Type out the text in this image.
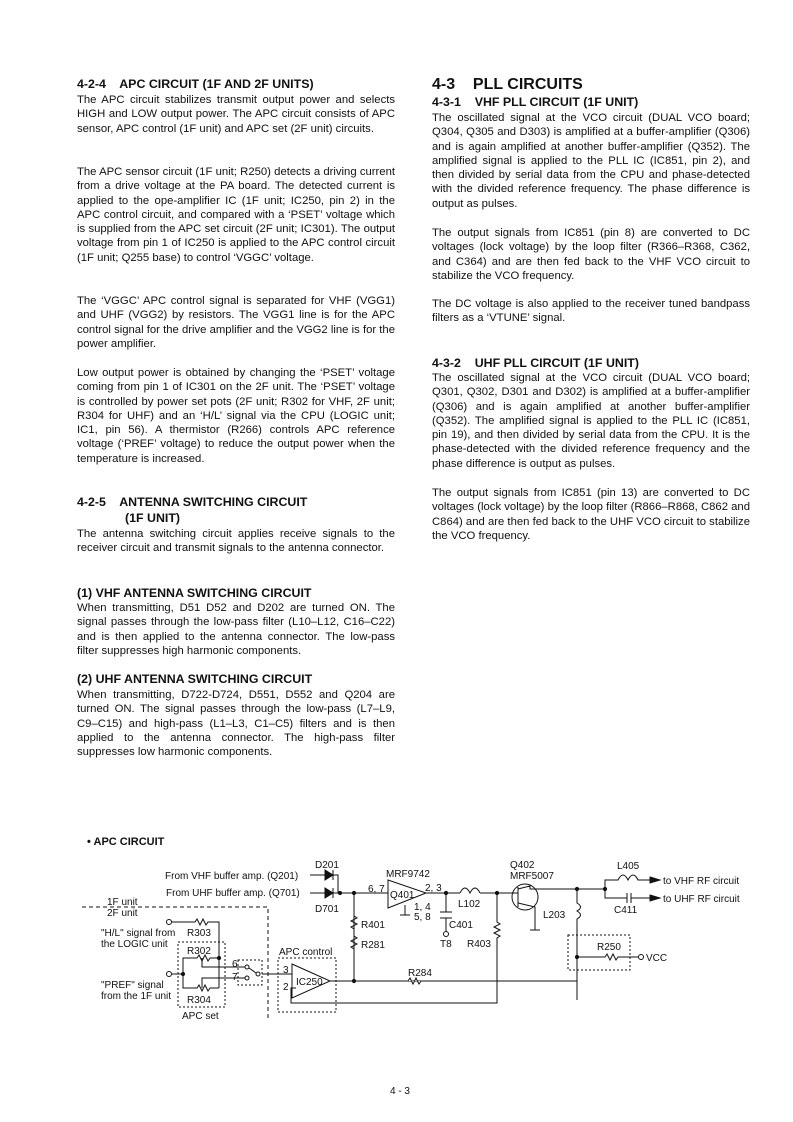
4-2-4    APC CIRCUIT (1F AND 2F UNITS)

The APC circuit stabilizes transmit output power and selects HIGH and LOW output power. The APC circuit consists of APC sensor, APC control (1F unit) and APC set (2F unit) circuits.

The APC sensor circuit (1F unit; R250) detects a driving current from a drive voltage at the PA board. The detected current is applied to the ope-amplifier IC (1F unit; IC250, pin 2) in the APC control circuit, and compared with a ‘PSET’ voltage which is supplied from the APC set circuit (2F unit; IC301). The output voltage from pin 1 of IC250 is applied to the APC control circuit (1F unit; Q255 base) to control ‘VGGC’ voltage.

The ‘VGGC’ APC control signal is separated for VHF (VGG1) and UHF (VGG2) by resistors. The VGG1 line is for the APC control signal for the drive amplifier and the VGG2 line is for the power amplifier.

Low output power is obtained by changing the ‘PSET’ voltage coming from pin 1 of IC301 on the 2F unit. The ‘PSET’ voltage is controlled by power set pots (2F unit; R302 for VHF, 2F unit; R304 for UHF) and an ‘H/L’ signal via the CPU (LOGIC unit; IC1, pin 56). A thermistor (R266) controls APC reference voltage (‘PREF’ voltage) to reduce the output power when the temperature is increased.

4-2-5    ANTENNA SWITCHING CIRCUIT

(1F UNIT)

The antenna switching circuit applies receive signals to the receiver circuit and transmit signals to the antenna connector.

(1) VHF ANTENNA SWITCHING CIRCUIT

When transmitting, D51 D52 and D202 are turned ON. The signal passes through the low-pass filter (L10–L12, C16–C22) and is then applied to the antenna connector. The low-pass filter suppresses high harmonic components.

(2) UHF ANTENNA SWITCHING CIRCUIT

When transmitting, D722-D724, D551, D552 and Q204 are turned ON. The signal passes through the low-pass (L7–L9, C9–C15) and high-pass (L1–L3, C1–C5) filters and is then applied to the antenna connector. The high-pass filter suppresses low harmonic components.

4-3    PLL CIRCUITS

4-3-1    VHF PLL CIRCUIT (1F UNIT)

The oscillated signal at the VCO circuit (DUAL VCO board; Q304, Q305 and D303) is amplified at a buffer-amplifier (Q306) and is again amplified at another buffer-amplifier (Q352). The amplified signal is applied to the PLL IC (IC851, pin 2), and then divided by serial data from the CPU and phase-detected with the divided reference frequency. The phase difference is output as pulses.

The output signals from IC851 (pin 8) are converted to DC voltages (lock voltage) by the loop filter (R366–R368, C362, and C364) and are then fed back to the VHF VCO circuit to stabilize the VCO frequency.

The DC voltage is also applied to the receiver tuned bandpass filters as a ‘VTUNE’ signal.

4-3-2    UHF PLL CIRCUIT (1F UNIT)

The oscillated signal at the VCO circuit (DUAL VCO board; Q301, Q302, D301 and D302) is amplified at a buffer-amplifier (Q306) and is again amplified at another buffer-amplifier (Q352). The amplified signal is applied to the PLL IC (IC851, pin 19), and then divided by serial data from the CPU. It is the phase-detected with the divided reference frequency and the phase difference is output as pulses.

The output signals from IC851 (pin 13) are converted to DC voltages (lock voltage) by the loop filter (R866–R868, C862 and C864) and are then fed back to the UHF VCO circuit to stabilize the VCO frequency.

• APC CIRCUIT
From VHF buffer amp. (Q201)
From UHF buffer amp. (Q701)
D201
D701
MRF9742
Q401
6, 7	2, 3
1, 4
5, 8
1F unit
2F unit
"H/L" signal from
the LOGIC unit
"PREF" signal
from the 1F unit
R303
R302
R304
APC set
6
7
APC control
IC250
3
2
R401
R281
R284
L102
C401
T8 R403
Q402
MRF5007
L203
L405
C411
to VHF RF circuit
to UHF RF circuit
R250
VCC
4 - 3
